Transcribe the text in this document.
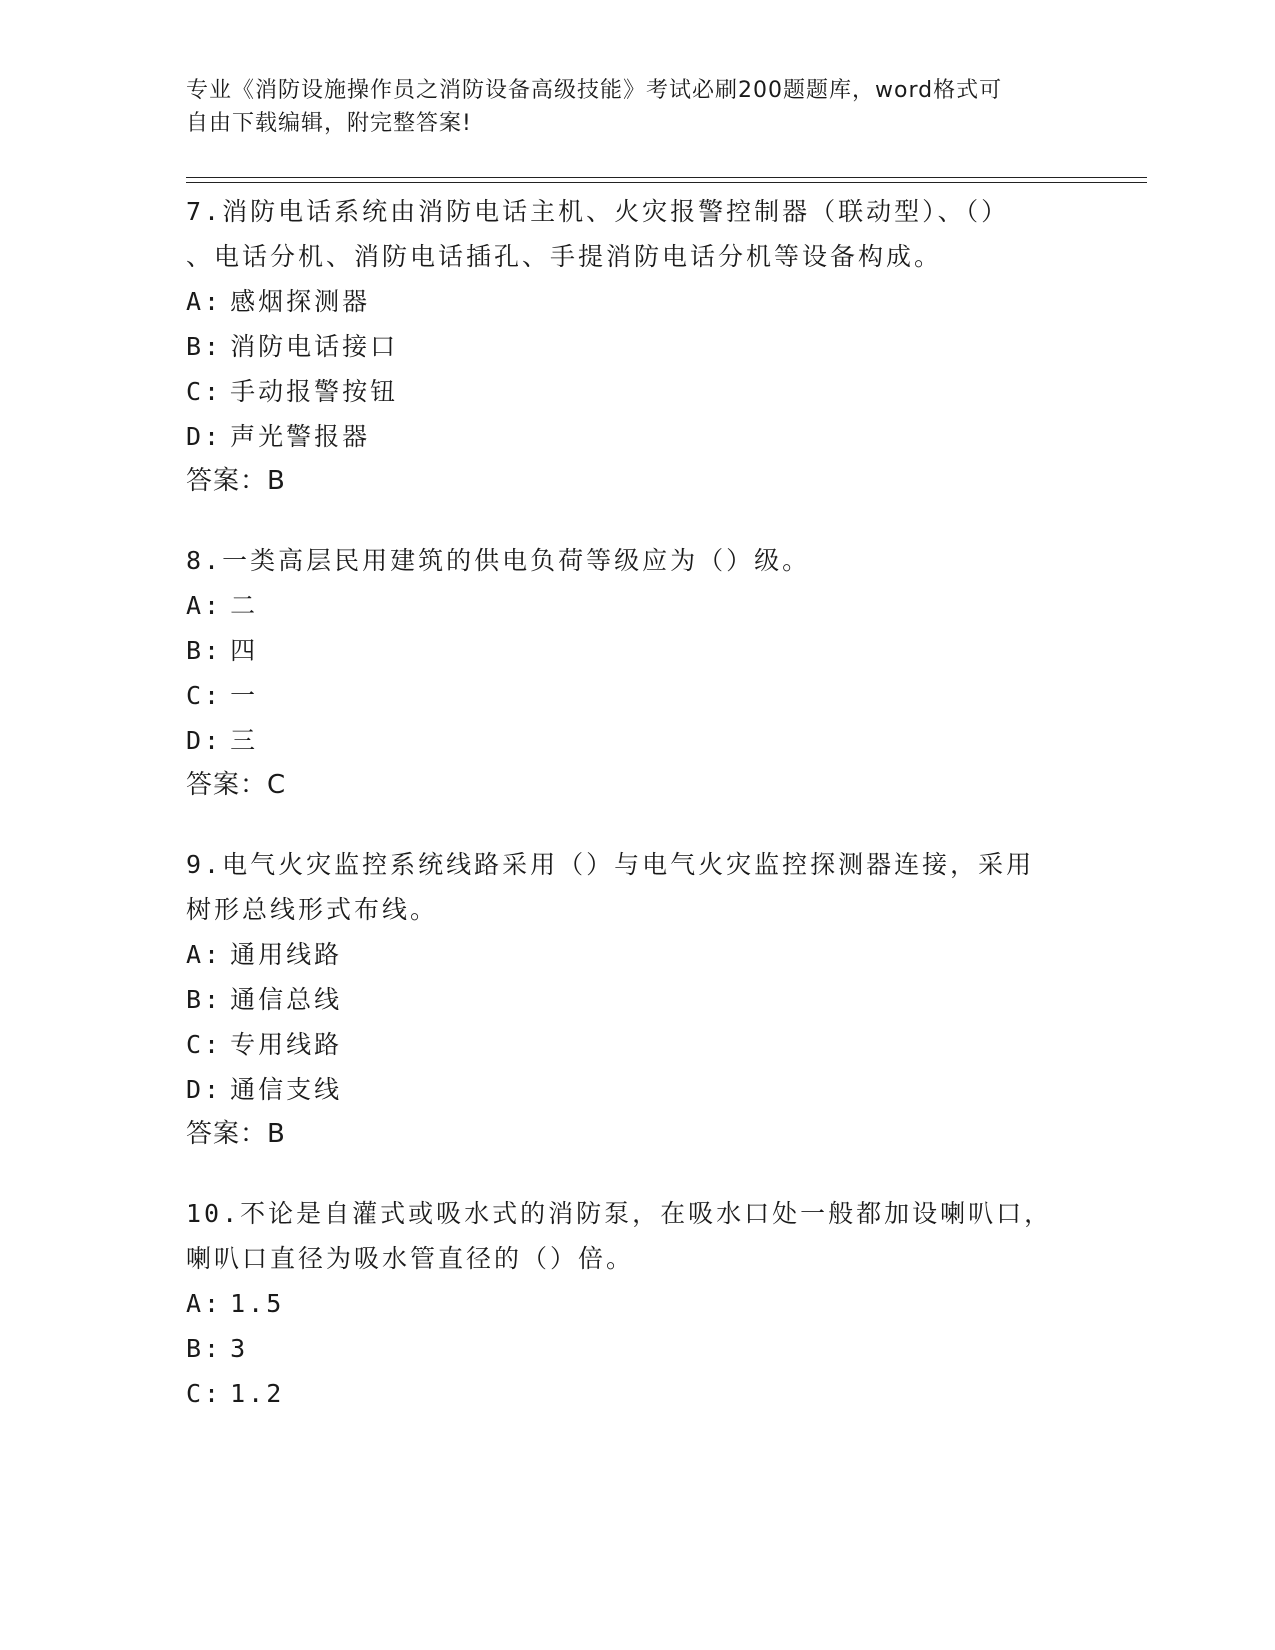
专业《消防设施操作员之消防设备高级技能》考试必刷200题题库，word格式可
自由下载编辑，附完整答案!

7.消防电话系统由消防电话主机、火灾报警控制器（联动型）、（）

、电话分机、消防电话插孔、手提消防电话分机等设备构成。

A: 感烟探测器

B: 消防电话接口

C: 手动报警按钮

D: 声光警报器

答案：B

8.一类高层民用建筑的供电负荷等级应为（）级。

A: 二

B: 四

C: 一

D: 三

答案：C

9.电气火灾监控系统线路采用（）与电气火灾监控探测器连接，采用

树形总线形式布线。

A: 通用线路

B: 通信总线

C: 专用线路

D: 通信支线

答案：B

10.不论是自灌式或吸水式的消防泵，在吸水口处一般都加设喇叭口，

喇叭口直径为吸水管直径的（）倍。

A: 1.5

B: 3

C: 1.2
